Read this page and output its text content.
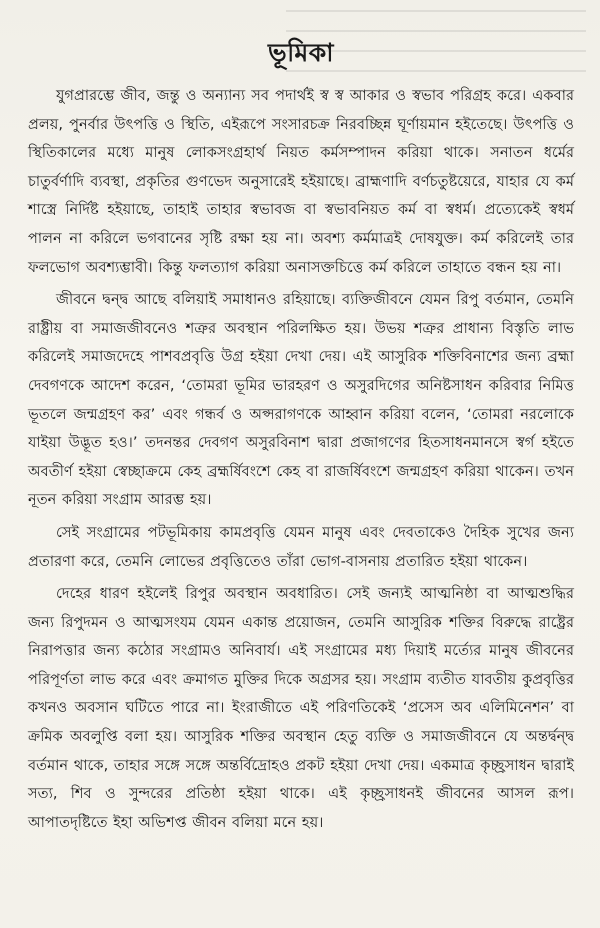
ভূমিকা

যুগপ্রারম্ভে জীব, জন্তু ও অন্যান্য সব পদার্থই স্ব স্ব আকার ও স্বভাব পরিগ্রহ করে। একবার প্রলয়, পুনর্বার উৎপত্তি ও স্থিতি, এইরূপে সংসারচক্র নিরবচ্ছিন্ন ঘূর্ণায়মান হইতেছে। উৎপত্তি ও স্থিতিকালের মধ্যে মানুষ লোকসংগ্রহার্থ নিয়ত কর্মসম্পাদন করিয়া থাকে। সনাতন ধর্মের চাতুর্বর্ণাদি ব্যবস্থা, প্রকৃতির গুণভেদ অনুসারেই হইয়াছে। ব্রাহ্মণাদি বর্ণচতুষ্টয়েরে, যাহার যে কর্ম শাস্ত্রে নির্দিষ্ট হইয়াছে, তাহাই তাহার স্বভাবজ বা স্বভাবনিয়ত কর্ম বা স্বধর্ম। প্রত্যেকেই স্বধর্ম পালন না করিলে ভগবানের সৃষ্টি রক্ষা হয় না। অবশ্য কর্মমাত্রই দোষযুক্ত। কর্ম করিলেই তার ফলভোগ অবশ্যম্ভাবী। কিন্তু ফলত্যাগ করিয়া অনাসক্তচিত্তে কর্ম করিলে তাহাতে বন্ধন হয় না।

জীবনে দ্বন্দ্ব আছে বলিয়াই সমাধানও রহিয়াছে। ব্যক্তিজীবনে যেমন রিপু বর্তমান, তেমনি রাষ্ট্রীয় বা সমাজজীবনেও শত্রুর অবস্থান পরিলক্ষিত হয়। উভয় শত্রুর প্রাধান্য বিস্তৃতি লাভ করিলেই সমাজদেহে পাশবপ্রবৃত্তি উগ্র হইয়া দেখা দেয়। এই আসুরিক শক্তিবিনাশের জন্য ব্রহ্মা দেবগণকে আদেশ করেন, ‘তোমরা ভূমির ভারহরণ ও অসুরদিগের অনিষ্টসাধন করিবার নিমিত্ত ভূতলে জন্মগ্রহণ কর’ এবং গন্ধর্ব ও অপ্সরাগণকে আহ্বান করিয়া বলেন, ‘তোমরা নরলোকে যাইয়া উদ্ভূত হও।’ তদনন্তর দেবগণ অসুরবিনাশ দ্বারা প্রজাগণের হিতসাধনমানসে স্বর্গ হইতে অবতীর্ণ হইয়া স্বেচ্ছাক্রমে কেহ ব্রহ্মর্ষিবংশে কেহ বা রাজর্ষিবংশে জন্মগ্রহণ করিয়া থাকেন। তখন নূতন করিয়া সংগ্রাম আরম্ভ হয়।

সেই সংগ্রামের পটভূমিকায় কামপ্রবৃত্তি যেমন মানুষ এবং দেবতাকেও দৈহিক সুখের জন্য প্রতারণা করে, তেমনি লোভের প্রবৃত্তিতেও তাঁরা ভোগ-বাসনায় প্রতারিত হইয়া থাকেন।

দেহের ধারণ হইলেই রিপুর অবস্থান অবধারিত। সেই জন্যই আত্মনিষ্ঠা বা আত্মশুদ্ধির জন্য রিপুদমন ও আত্মসংযম যেমন একান্ত প্রয়োজন, তেমনি আসুরিক শক্তির বিরুদ্ধে রাষ্ট্রের নিরাপত্তার জন্য কঠোর সংগ্রামও অনিবার্য। এই সংগ্রামের মধ্য দিয়াই মর্ত্যের মানুষ জীবনের পরিপূর্ণতা লাভ করে এবং ক্রমাগত মুক্তির দিকে অগ্রসর হয়। সংগ্রাম ব্যতীত যাবতীয় কুপ্রবৃত্তির কখনও অবসান ঘটিতে পারে না। ইংরাজীতে এই পরিণতিকেই ‘প্রসেস অব এলিমিনেশন’ বা ক্রমিক অবলুপ্তি বলা হয়। আসুরিক শক্তির অবস্থান হেতু ব্যক্তি ও সমাজজীবনে যে অন্তর্দ্বন্দ্ব বর্তমান থাকে, তাহার সঙ্গে সঙ্গে অন্তর্বিদ্রোহও প্রকট হইয়া দেখা দেয়। একমাত্র কৃচ্ছ্রসাধন দ্বারাই সত্য, শিব ও সুন্দরের প্রতিষ্ঠা হইয়া থাকে। এই কৃচ্ছ্রসাধনই জীবনের আসল রূপ। আপাতদৃষ্টিতে ইহা অভিশপ্ত জীবন বলিয়া মনে হয়।
